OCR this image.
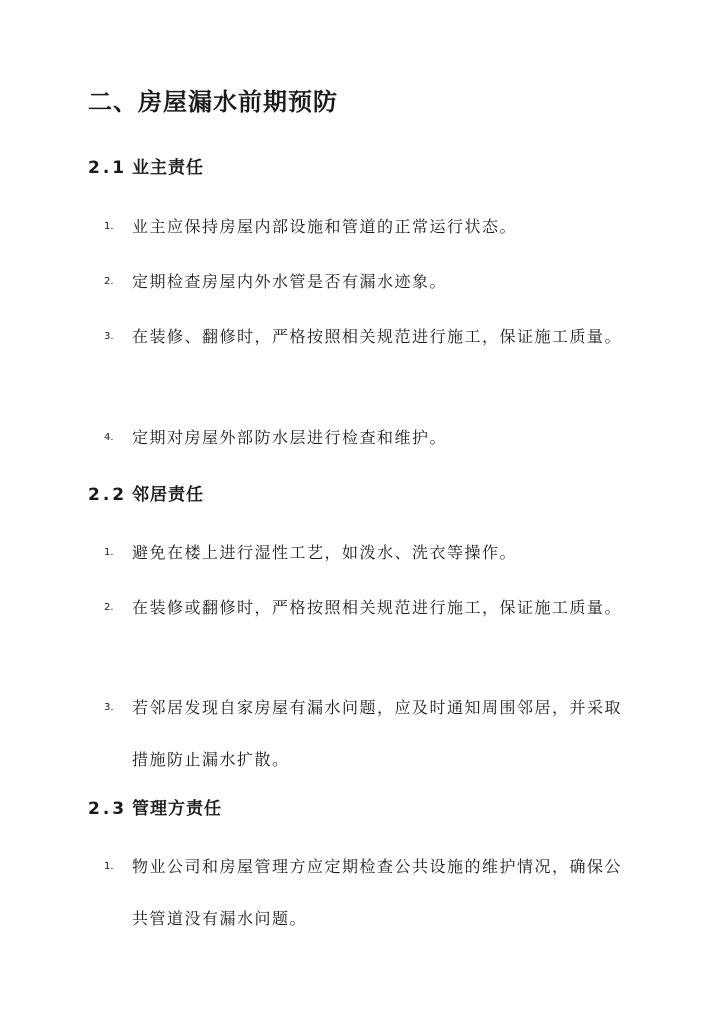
二、房屋漏水前期预防
2.1 业主责任
1.	业主应保持房屋内部设施和管道的正常运行状态。
2.	定期检查房屋内外水管是否有漏水迹象。
3.	在装修、翻修时，严格按照相关规范进行施工，保证施工质量。
4.	定期对房屋外部防水层进行检查和维护。
2.2 邻居责任
1.	避免在楼上进行湿性工艺，如泼水、洗衣等操作。
2.	在装修或翻修时，严格按照相关规范进行施工，保证施工质量。
3.	若邻居发现自家房屋有漏水问题，应及时通知周围邻居，并采取措施防止漏水扩散。
2.3 管理方责任
1.	物业公司和房屋管理方应定期检查公共设施的维护情况，确保公共管道没有漏水问题。
